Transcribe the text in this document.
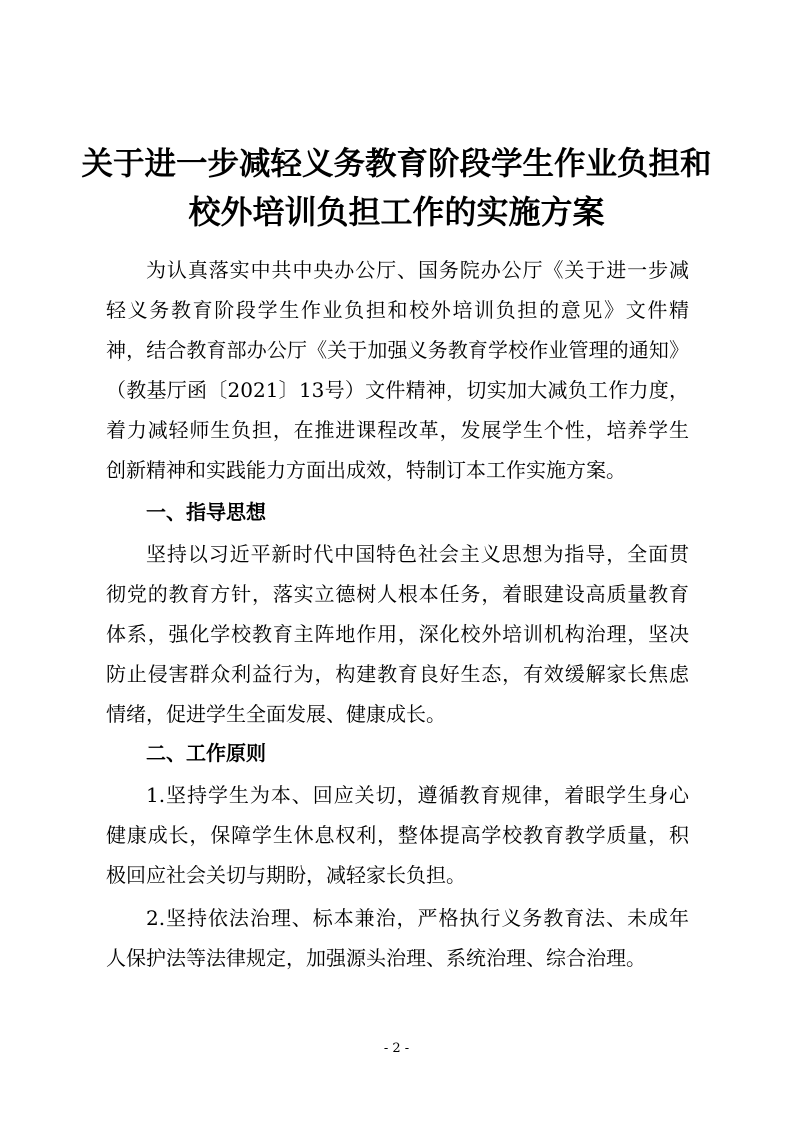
关于进一步减轻义务教育阶段学生作业负担和
校外培训负担工作的实施方案

为认真落实中共中央办公厅、国务院办公厅《关于进一步减

轻义务教育阶段学生作业负担和校外培训负担的意见》文件精

神，结合教育部办公厅《关于加强义务教育学校作业管理的通知》

（教基厅函〔2021〕13号）文件精神，切实加大减负工作力度，

着力减轻师生负担，在推进课程改革，发展学生个性，培养学生

创新精神和实践能力方面出成效，特制订本工作实施方案。

一、指导思想

坚持以习近平新时代中国特色社会主义思想为指导，全面贯

彻党的教育方针，落实立德树人根本任务，着眼建设高质量教育

体系，强化学校教育主阵地作用，深化校外培训机构治理，坚决

防止侵害群众利益行为，构建教育良好生态，有效缓解家长焦虑

情绪，促进学生全面发展、健康成长。

二、工作原则

1.坚持学生为本、回应关切，遵循教育规律，着眼学生身心

健康成长，保障学生休息权利，整体提高学校教育教学质量，积

极回应社会关切与期盼，减轻家长负担。

2.坚持依法治理、标本兼治，严格执行义务教育法、未成年

人保护法等法律规定，加强源头治理、系统治理、综合治理。

- 2 -
